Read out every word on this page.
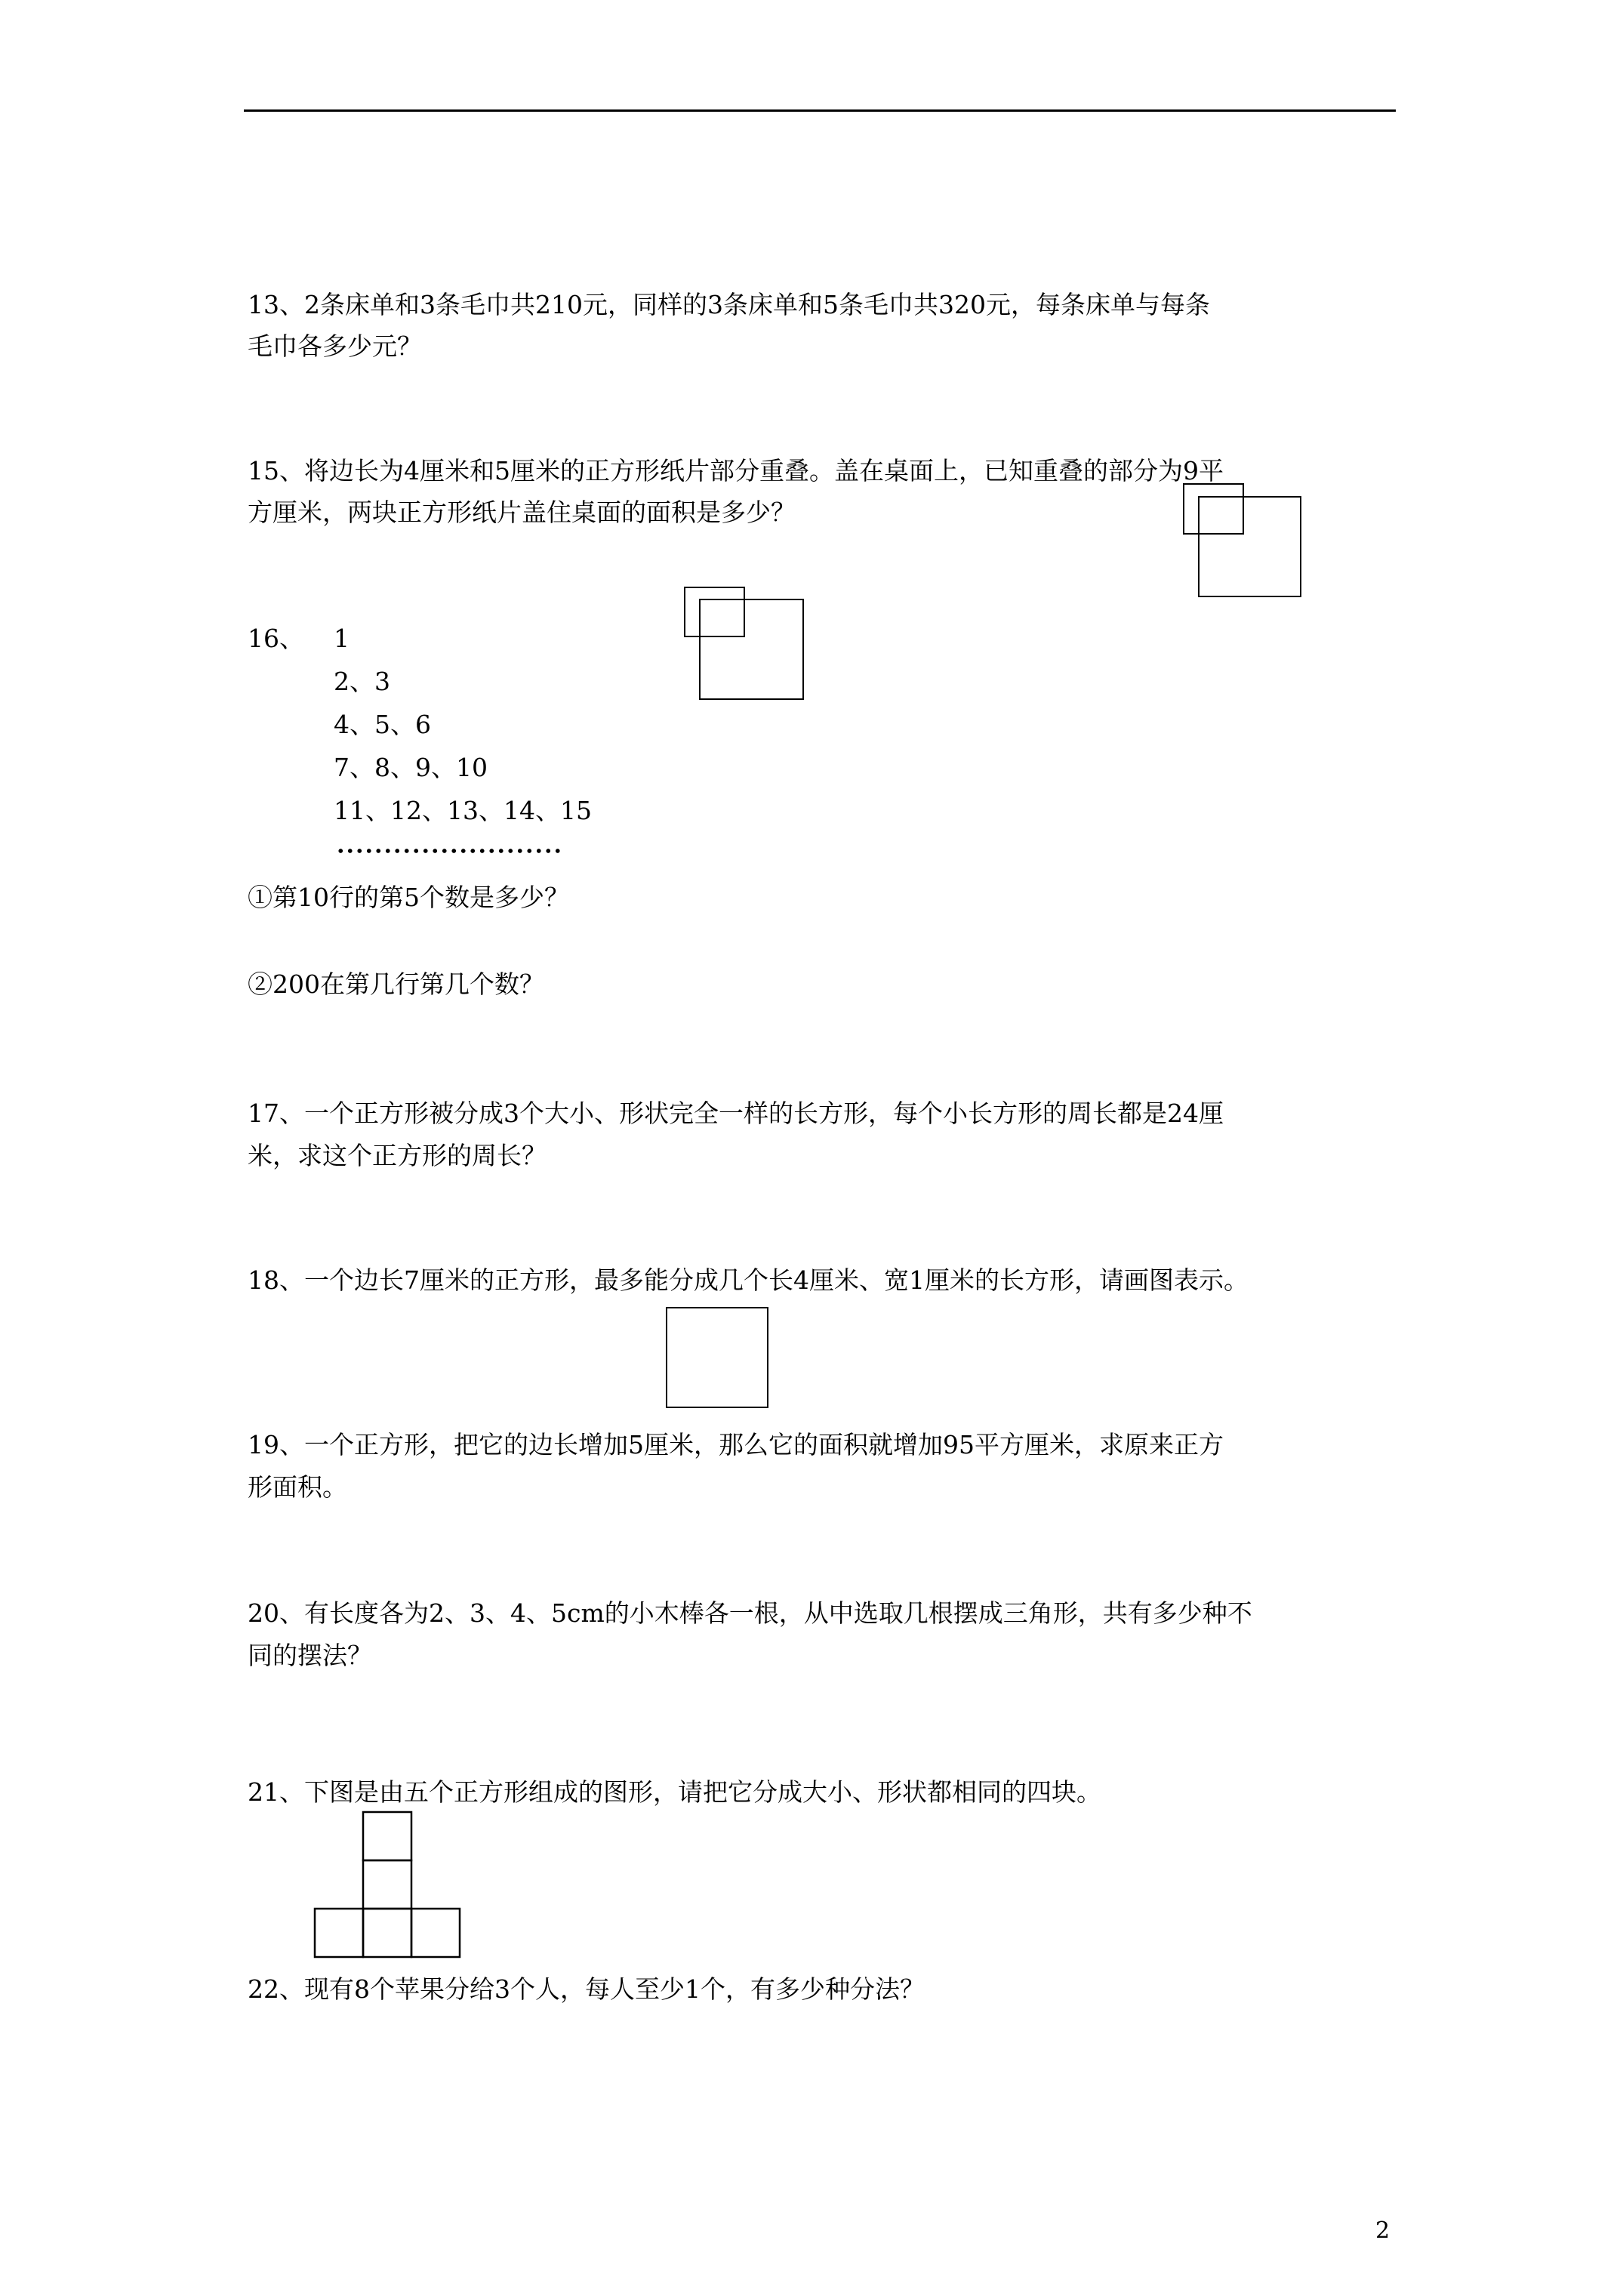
13、2条床单和3条毛巾共210元，同样的3条床单和5条毛巾共320元，每条床单与每条
毛巾各多少元？
15、将边长为4厘米和5厘米的正方形纸片部分重叠。盖在桌面上，已知重叠的部分为9平
方厘米，两块正方形纸片盖住桌面的面积是多少？
16、 1
2、3
4、5、6
7、8、9、10
11、12、13、14、15
①第10行的第5个数是多少？
②200在第几行第几个数？
17、一个正方形被分成3个大小、形状完全一样的长方形，每个小长方形的周长都是24厘
米，求这个正方形的周长？
18、一个边长7厘米的正方形，最多能分成几个长4厘米、宽1厘米的长方形，请画图表示。
19、一个正方形，把它的边长增加5厘米，那么它的面积就增加95平方厘米，求原来正方
形面积。
20、有长度各为2、3、4、5cm的小木棒各一根，从中选取几根摆成三角形，共有多少种不
同的摆法？
21、下图是由五个正方形组成的图形，请把它分成大小、形状都相同的四块。
22、现有8个苹果分给3个人，每人至少1个，有多少种分法？
2
